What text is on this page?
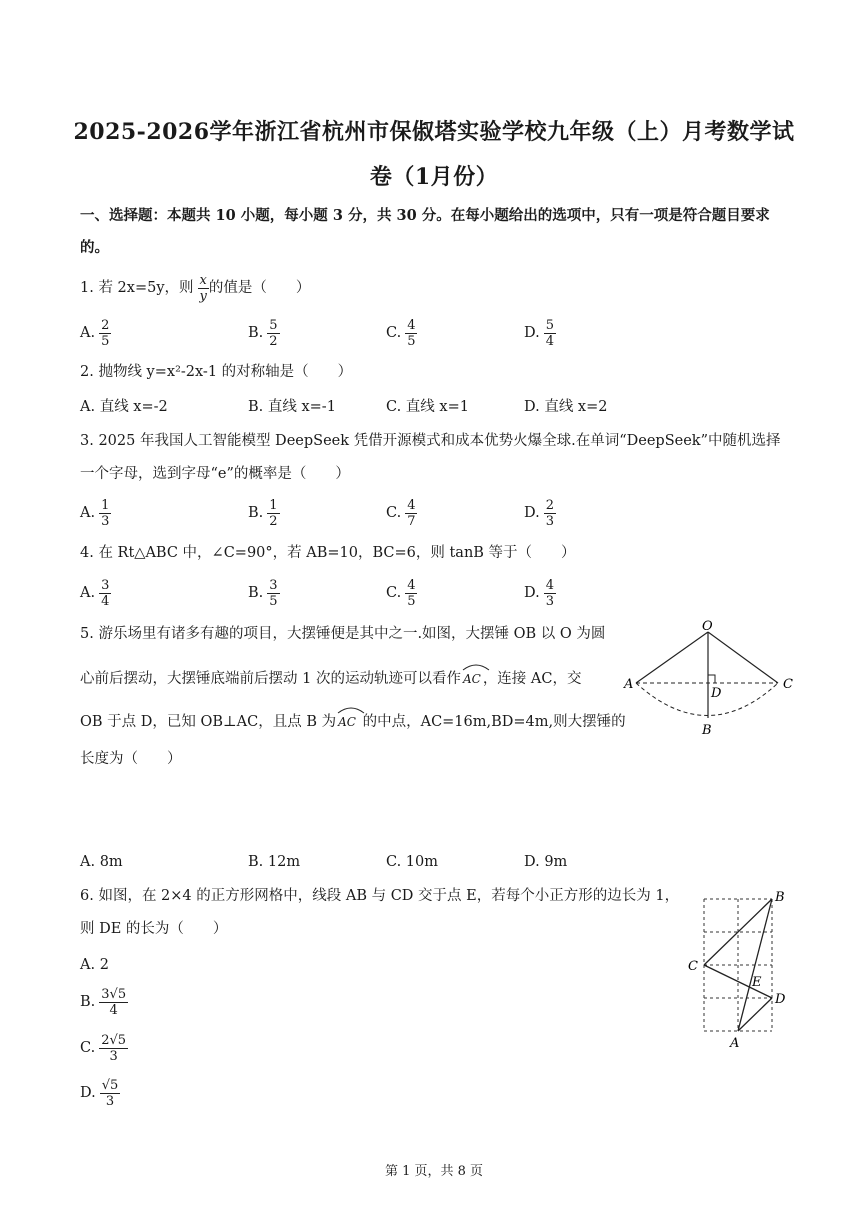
2025-2026学年浙江省杭州市保俶塔实验学校九年级（上）月考数学试
卷（1月份）
一、选择题：本题共 10 小题，每小题 3 分，共 30 分。在每小题给出的选项中，只有一项是符合题目要求
的。
1. 若 2x=5y，则 $\frac{x}{y}$ 的值是（　　）
A. $\frac{2}{5}$	B. $\frac{5}{2}$	C. $\frac{4}{5}$	D. $\frac{5}{4}$
2. 抛物线 y=x²-2x-1 的对称轴是（　　）
A. 直线 x=-2	B. 直线 x=-1	C. 直线 x=1	D. 直线 x=2
3. 2025 年我国人工智能模型 DeepSeek 凭借开源模式和成本优势火爆全球.在单词“DeepSeek”中随机选择
一个字母，选到字母“e”的概率是（　　）
A. $\frac{1}{3}$	B. $\frac{1}{2}$	C. $\frac{4}{7}$	D. $\frac{2}{3}$
4. 在 Rt△ABC 中，∠C=90°，若 AB=10，BC=6，则 tanB 等于（　　）
A. $\frac{3}{4}$	B. $\frac{3}{5}$	C. $\frac{4}{5}$	D. $\frac{4}{3}$
5. 游乐场里有诸多有趣的项目，大摆锤便是其中之一.如图，大摆锤 OB 以 O 为圆
心前后摆动，大摆锤底端前后摆动 1 次的运动轨迹可以看作 AC ，连接 AC，交
OB 于点 D，已知 OB⊥AC，且点 B 为 AC 的中点，AC=16m,BD=4m,则大摆锤的
长度为（　　）
O
A	C
D
B
A. 8m	B. 12m	C. 10m	D. 9m
6. 如图，在 2×4 的正方形网格中，线段 AB 与 CD 交于点 E，若每个小正方形的边长为 1，
则 DE 的长为（　　）
A. 2
B. $\frac{3√5}{4}$
C. $\frac{2√5}{3}$
D. $\frac{√5}{3}$
B
C
E
D
A
第 1 页，共 8 页
